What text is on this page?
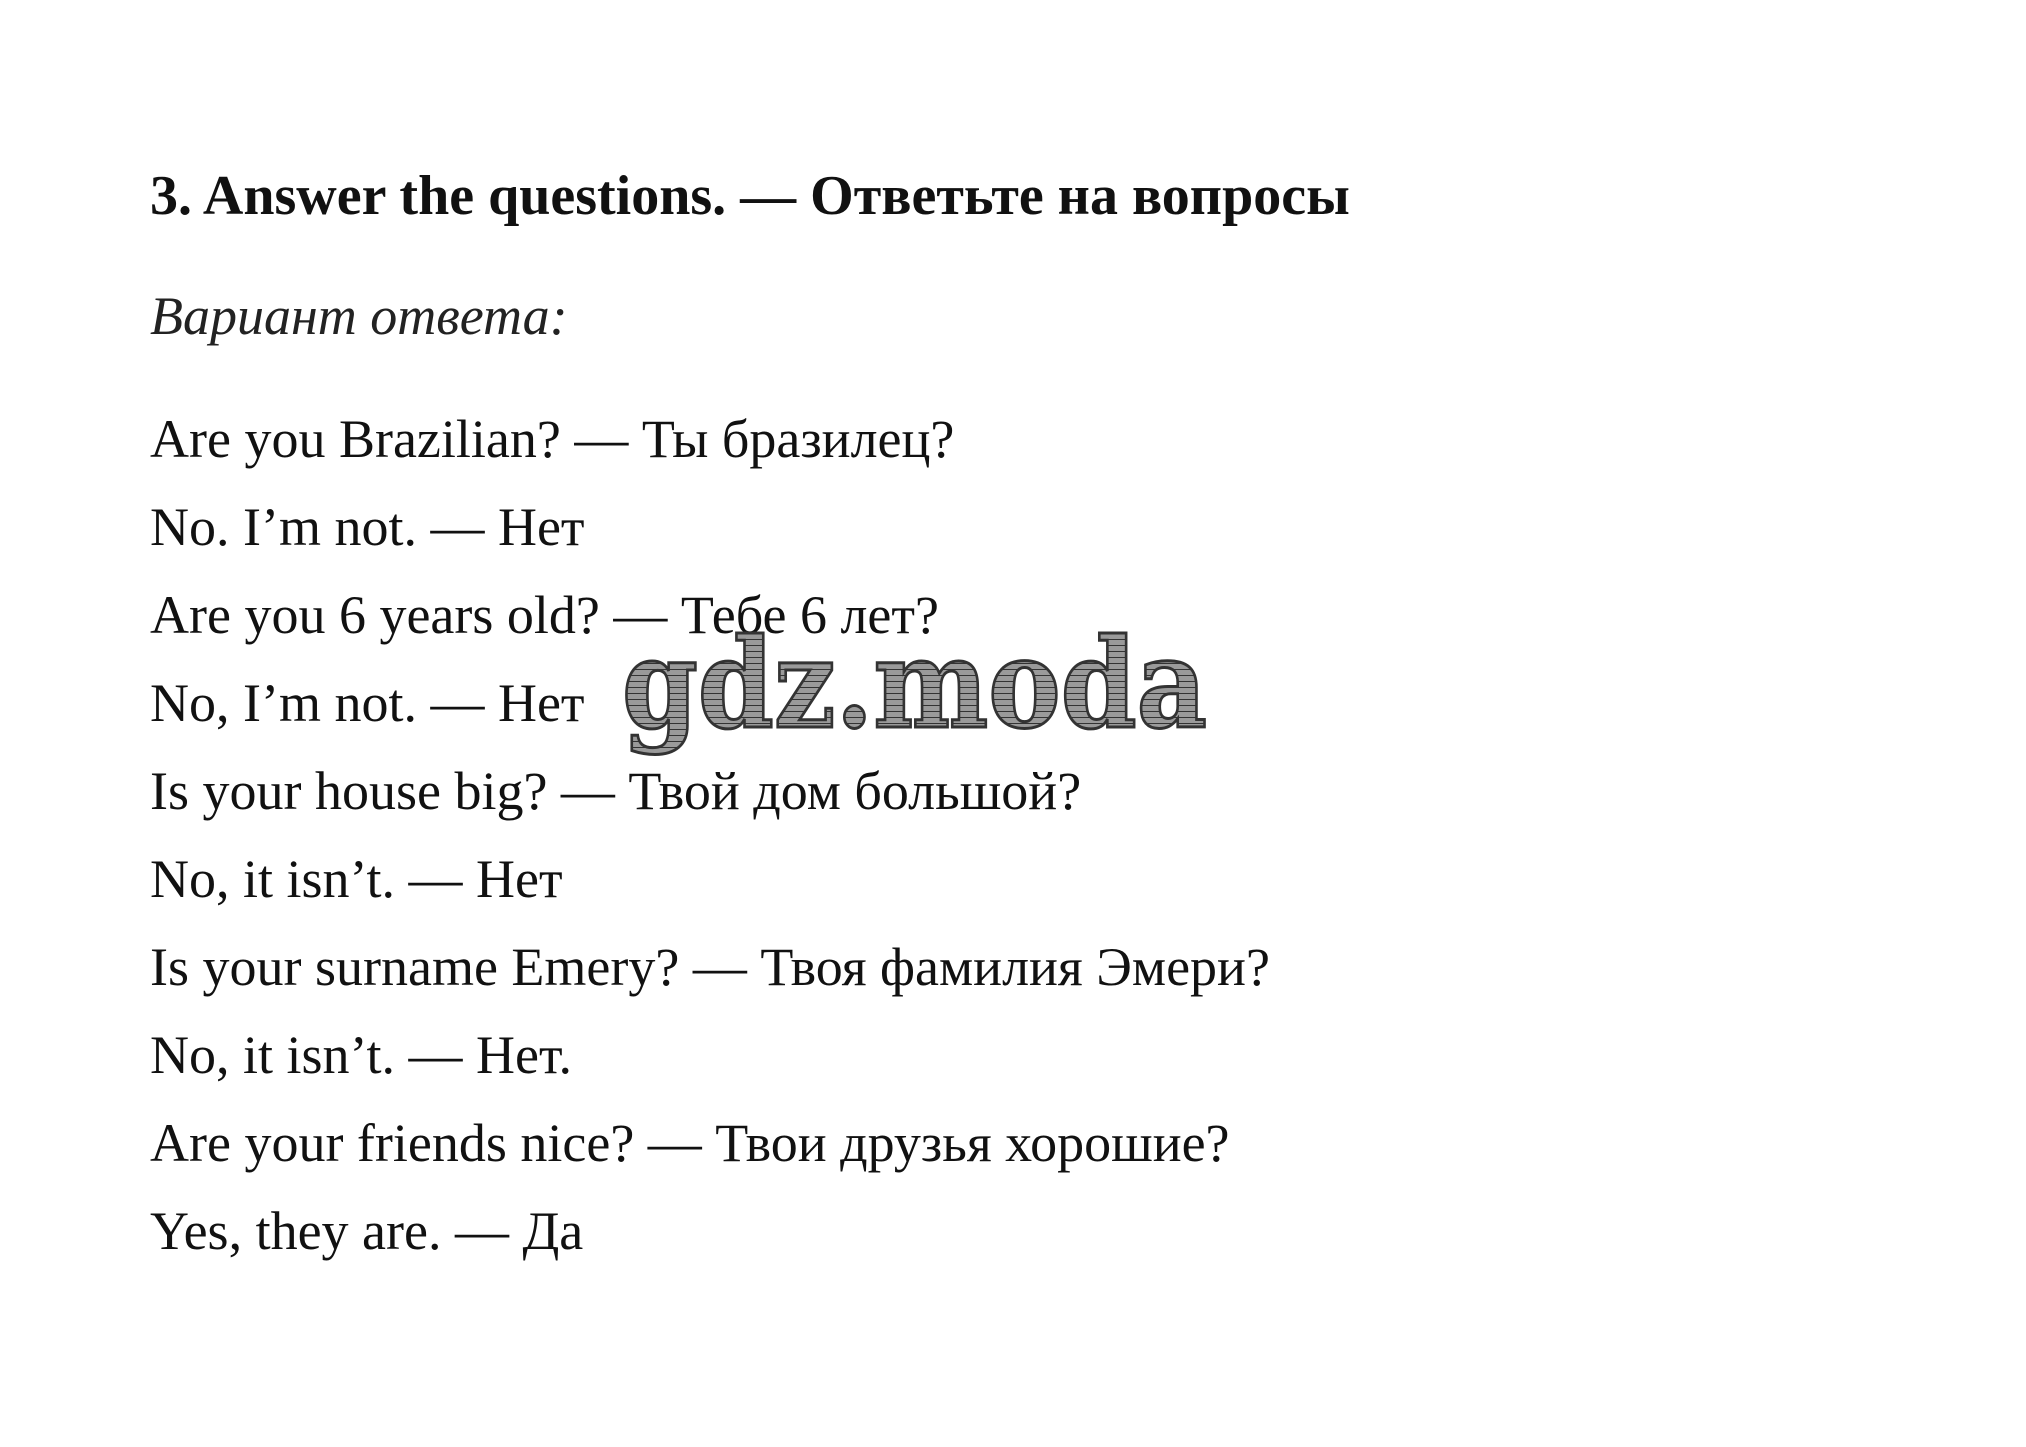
3. Answer the questions. — Ответьте на вопросы

Вариант ответа:

Are you Brazilian? — Ты бразилец?
No. I’m not. — Нет
Are you 6 years old? — Тебе 6 лет?
No, I’m not. — Нет
Is your house big? — Твой дом большой?
No, it isn’t. — Нет
Is your surname Emery? — Твоя фамилия Эмери?
No, it isn’t. — Нет.
Are your friends nice? — Твои друзья хорошие?
Yes, they are. — Да
gdz.moda
